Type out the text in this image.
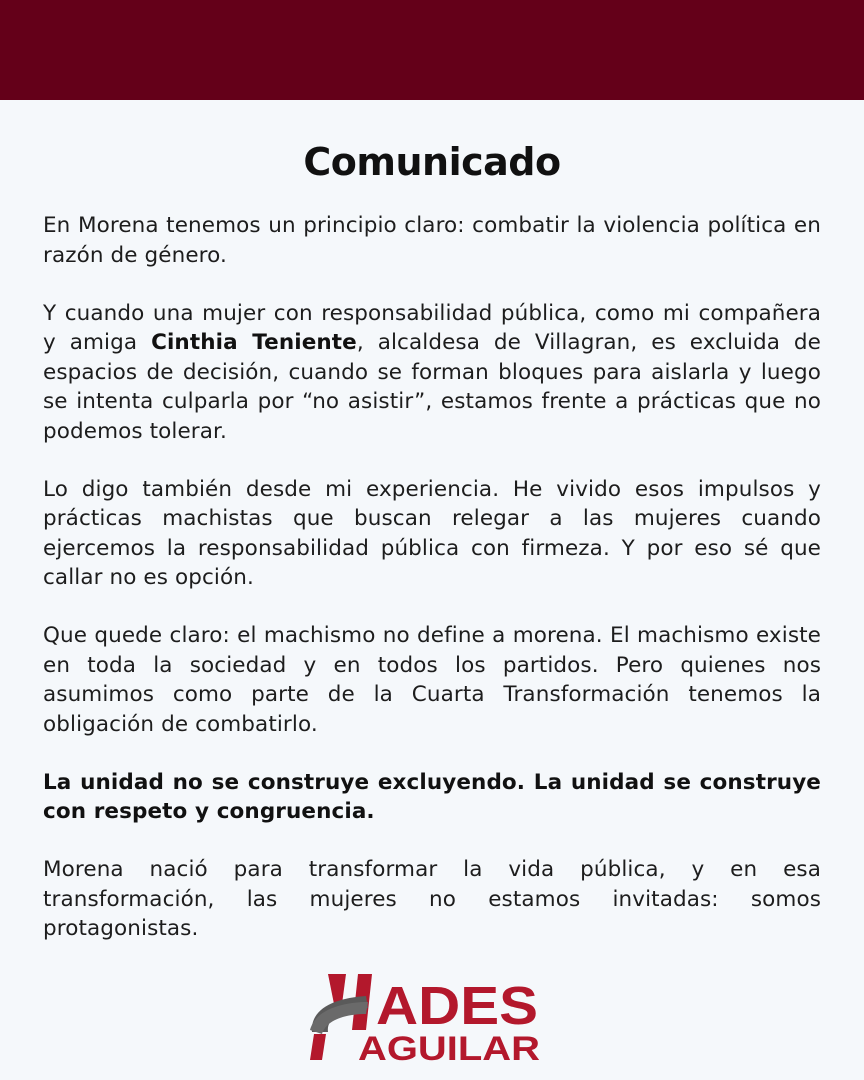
Comunicado

En Morena tenemos un principio claro: combatir la violencia política en razón de género.

Y cuando una mujer con responsabilidad pública, como mi compañera y amiga Cinthia Teniente, alcaldesa de Villagran, es excluida de espacios de decisión, cuando se forman bloques para aislarla y luego se intenta culparla por “no asistir”, estamos frente a prácticas que no podemos tolerar.

Lo digo también desde mi experiencia. He vivido esos impulsos y prácticas machistas que buscan relegar a las mujeres cuando ejercemos la responsabilidad pública con firmeza. Y por eso sé que callar no es opción.

Que quede claro: el machismo no define a morena. El machismo existe en toda la sociedad y en todos los partidos. Pero quienes nos asumimos como parte de la Cuarta Transformación tenemos la obligación de combatirlo.

La unidad no se construye excluyendo. La unidad se construye con respeto y congruencia.

Morena nació para transformar la vida pública, y en esa transformación, las mujeres no estamos invitadas: somos protagonistas.

ADES
AGUILAR
